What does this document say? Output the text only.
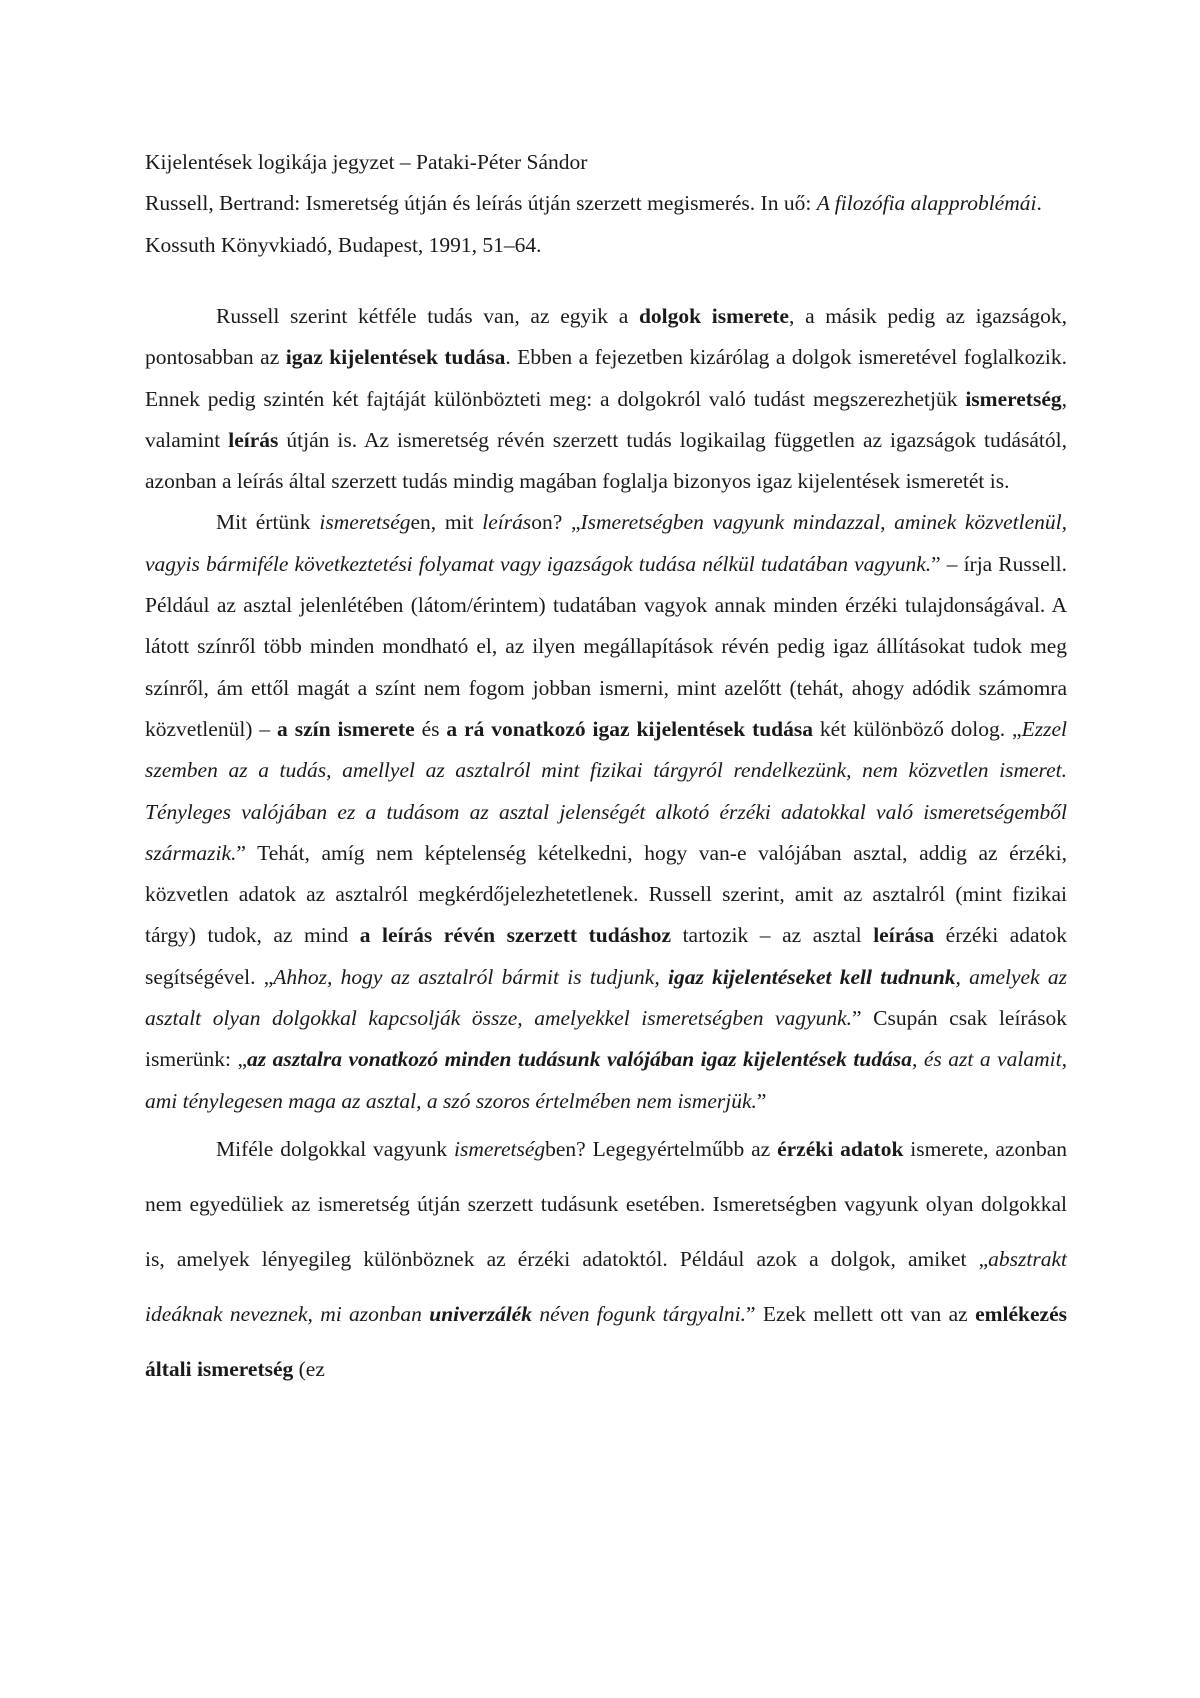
Kijelentések logikája jegyzet – Pataki-Péter Sándor

Russell, Bertrand: Ismeretség útján és leírás útján szerzett megismerés. In uő: A filozófia alapproblémái. Kossuth Könyvkiadó, Budapest, 1991, 51–64.

Russell szerint kétféle tudás van, az egyik a dolgok ismerete, a másik pedig az igazságok, pontosabban az igaz kijelentések tudása. Ebben a fejezetben kizárólag a dolgok ismeretével foglalkozik. Ennek pedig szintén két fajtáját különbözteti meg: a dolgokról való tudást megszerezhetjük ismeretség, valamint leírás útján is. Az ismeretség révén szerzett tudás logikailag független az igazságok tudásától, azonban a leírás által szerzett tudás mindig magában foglalja bizonyos igaz kijelentések ismeretét is.

Mit értünk ismeretségen, mit leíráson? „Ismeretségben vagyunk mindazzal, aminek közvetlenül, vagyis bármiféle következtetési folyamat vagy igazságok tudása nélkül tudatában vagyunk.” – írja Russell. Például az asztal jelenlétében (látom/érintem) tudatában vagyok annak minden érzéki tulajdonságával. A látott színről több minden mondható el, az ilyen megállapítások révén pedig igaz állításokat tudok meg színről, ám ettől magát a színt nem fogom jobban ismerni, mint azelőtt (tehát, ahogy adódik számomra közvetlenül) – a szín ismerete és a rá vonatkozó igaz kijelentések tudása két különböző dolog. „Ezzel szemben az a tudás, amellyel az asztalról mint fizikai tárgyról rendelkezünk, nem közvetlen ismeret. Tényleges valójában ez a tudásom az asztal jelenségét alkotó érzéki adatokkal való ismeretségemből származik.” Tehát, amíg nem képtelenség kételkedni, hogy van-e valójában asztal, addig az érzéki, közvetlen adatok az asztalról megkérdőjelezhetetlenek. Russell szerint, amit az asztalról (mint fizikai tárgy) tudok, az mind a leírás révén szerzett tudáshoz tartozik – az asztal leírása érzéki adatok segítségével. „Ahhoz, hogy az asztalról bármit is tudjunk, igaz kijelentéseket kell tudnunk, amelyek az asztalt olyan dolgokkal kapcsolják össze, amelyekkel ismeretségben vagyunk.” Csupán csak leírások ismerünk: „az asztalra vonatkozó minden tudásunk valójában igaz kijelentések tudása, és azt a valamit, ami ténylegesen maga az asztal, a szó szoros értelmében nem ismerjük.”

Miféle dolgokkal vagyunk ismeretségben? Legegyértelműbb az érzéki adatok ismerete, azonban nem egyedüliek az ismeretség útján szerzett tudásunk esetében. Ismeretségben vagyunk olyan dolgokkal is, amelyek lényegileg különböznek az érzéki adatoktól. Például azok a dolgok, amiket „absztrakt ideáknak neveznek, mi azonban univerzálék néven fogunk tárgyalni.” Ezek mellett ott van az emlékezés általi ismeretség (ez
